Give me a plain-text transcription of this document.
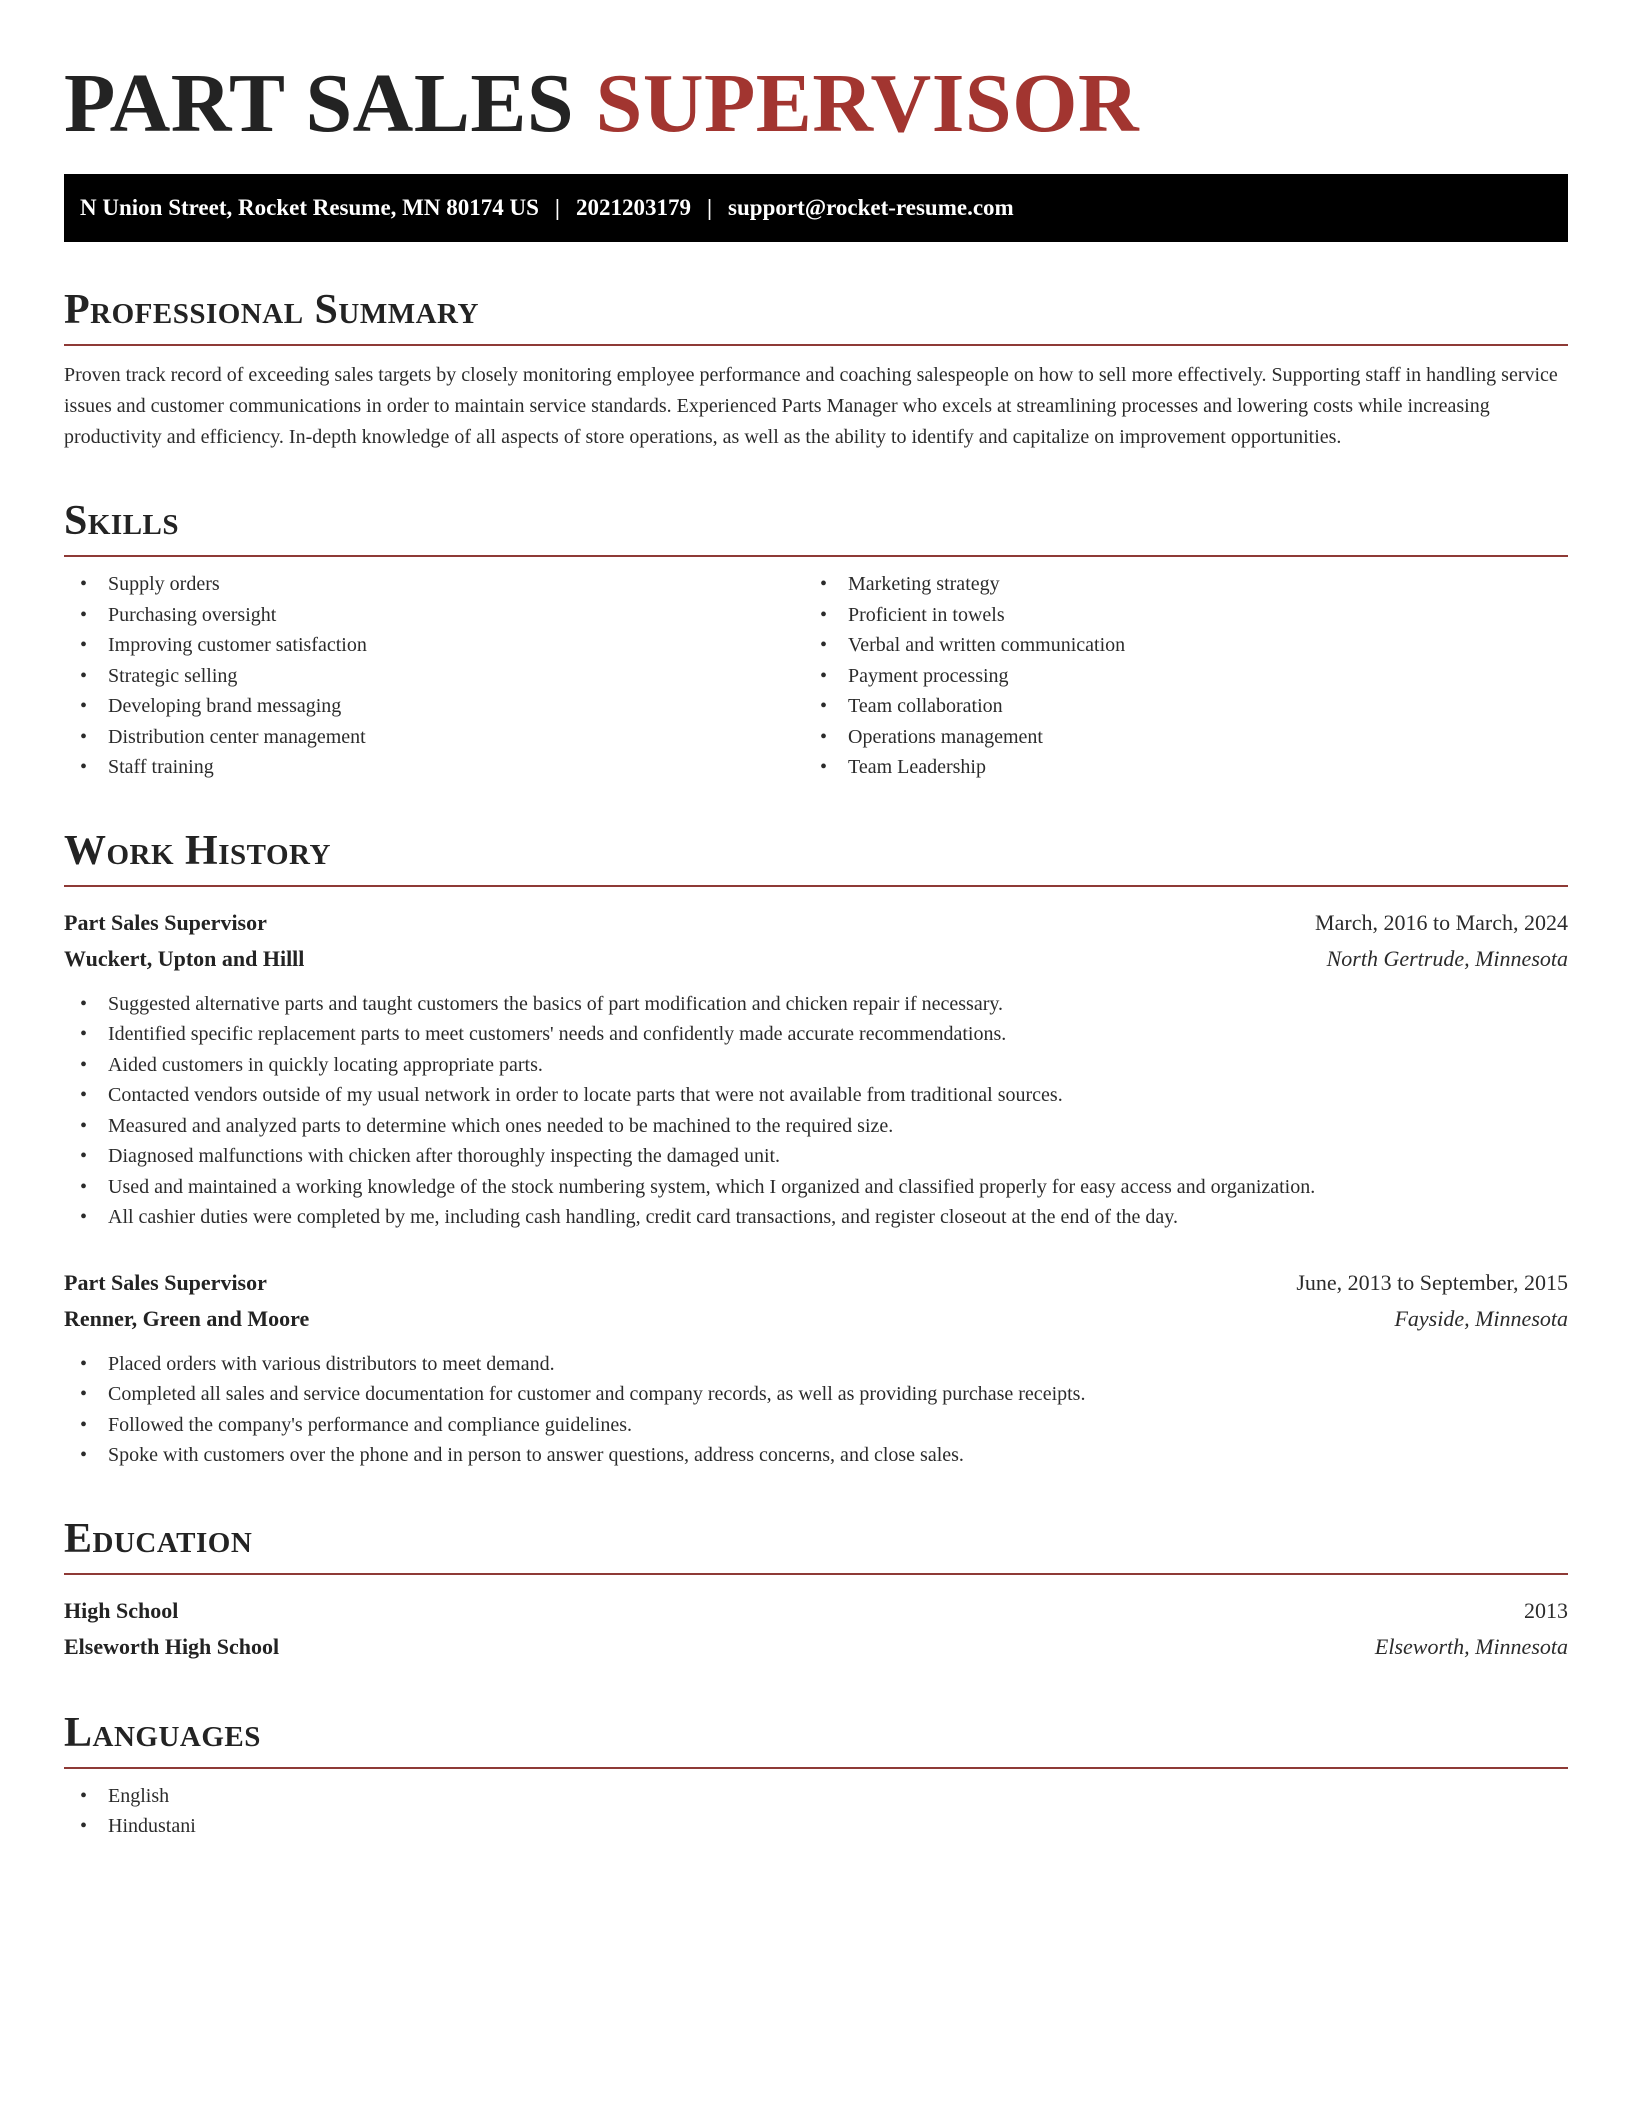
PART SALES SUPERVISOR
N Union Street, Rocket Resume, MN 80174 US | 2021203179 | support@rocket-resume.com
Professional Summary

Proven track record of exceeding sales targets by closely monitoring employee performance and coaching salespeople on how to sell more effectively. Supporting staff in handling service issues and customer communications in order to maintain service standards. Experienced Parts Manager who excels at streamlining processes and lowering costs while increasing productivity and efficiency. In-depth knowledge of all aspects of store operations, as well as the ability to identify and capitalize on improvement opportunities.

Skills
• Supply orders
• Purchasing oversight
• Improving customer satisfaction
• Strategic selling
• Developing brand messaging
• Distribution center management
• Staff training
• Marketing strategy
• Proficient in towels
• Verbal and written communication
• Payment processing
• Team collaboration
• Operations management
• Team Leadership
Work History
Part Sales Supervisor	March, 2016 to March, 2024
Wuckert, Upton and Hilll	North Gertrude, Minnesota
• Suggested alternative parts and taught customers the basics of part modification and chicken repair if necessary.
• Identified specific replacement parts to meet customers' needs and confidently made accurate recommendations.
• Aided customers in quickly locating appropriate parts.
• Contacted vendors outside of my usual network in order to locate parts that were not available from traditional sources.
• Measured and analyzed parts to determine which ones needed to be machined to the required size.
• Diagnosed malfunctions with chicken after thoroughly inspecting the damaged unit.
• Used and maintained a working knowledge of the stock numbering system, which I organized and classified properly for easy access and organization.
• All cashier duties were completed by me, including cash handling, credit card transactions, and register closeout at the end of the day.
Part Sales Supervisor	June, 2013 to September, 2015
Renner, Green and Moore	Fayside, Minnesota
• Placed orders with various distributors to meet demand.
• Completed all sales and service documentation for customer and company records, as well as providing purchase receipts.
• Followed the company's performance and compliance guidelines.
• Spoke with customers over the phone and in person to answer questions, address concerns, and close sales.
Education
High School	2013
Elseworth High School	Elseworth, Minnesota
Languages
• English
• Hindustani
